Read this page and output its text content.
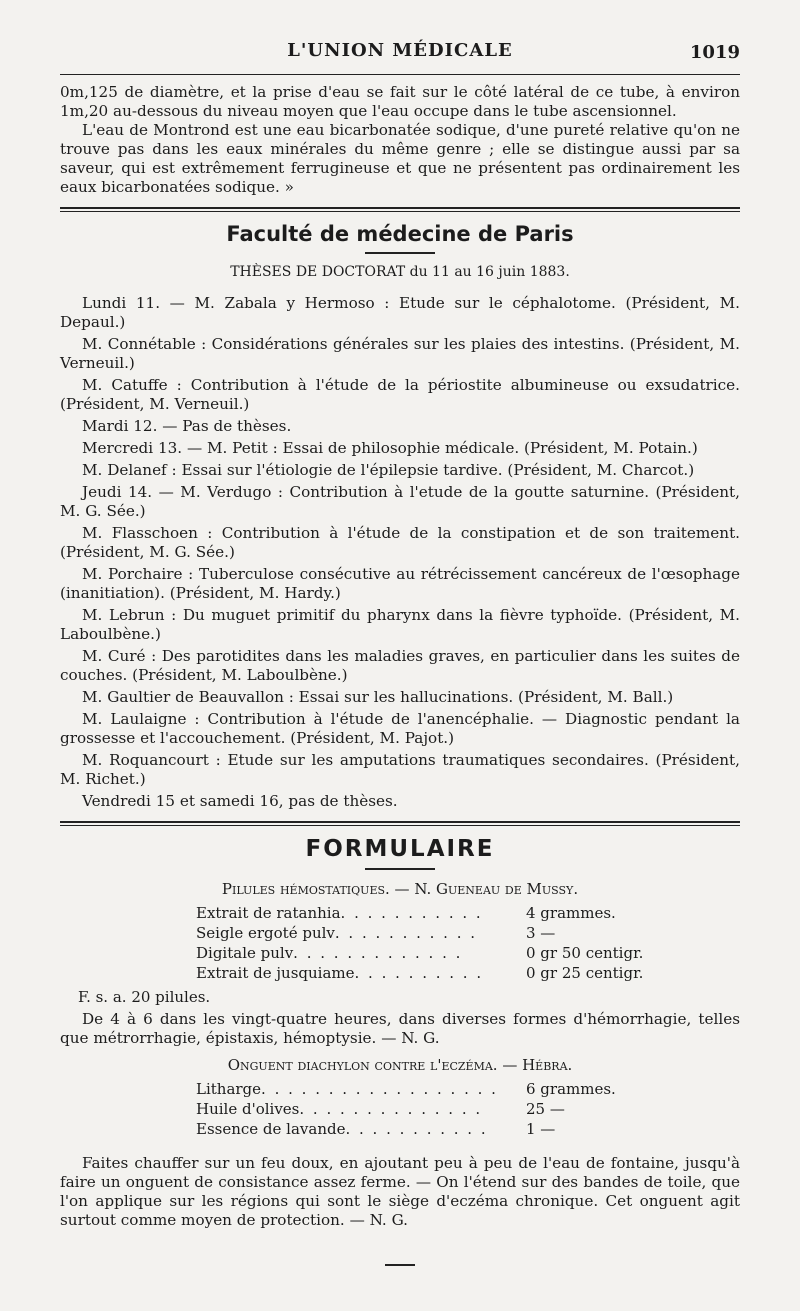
L'UNION MÉDICALE	1019

0m,125 de diamètre, et la prise d'eau se fait sur le côté latéral de ce tube, à environ 1m,20 au-dessous du niveau moyen que l'eau occupe dans le tube ascensionnel.

L'eau de Montrond est une eau bicarbonatée sodique, d'une pureté relative qu'on ne trouve pas dans les eaux minérales du même genre ; elle se distingue aussi par sa saveur, qui est extrêmement ferrugineuse et que ne présentent pas ordinairement les eaux bicarbonatées sodique. »

Faculté de médecine de Paris
THÈSES DE DOCTORAT du 11 au 16 juin 1883.

Lundi 11. — M. Zabala y Hermoso : Etude sur le céphalotome. (Président, M. Depaul.)

M. Connétable : Considérations générales sur les plaies des intestins. (Président, M. Verneuil.)

M. Catuffe : Contribution à l'étude de la périostite albumineuse ou exsudatrice. (Président, M. Verneuil.)

Mardi 12. — Pas de thèses.

Mercredi 13. — M. Petit : Essai de philosophie médicale. (Président, M. Potain.)

M. Delanef : Essai sur l'étiologie de l'épilepsie tardive. (Président, M. Charcot.)

Jeudi 14. — M. Verdugo : Contribution à l'etude de la goutte saturnine. (Président, M. G. Sée.)

M. Flasschoen : Contribution à l'étude de la constipation et de son traitement. (Président, M. G. Sée.)

M. Porchaire : Tuberculose consécutive au rétrécissement cancéreux de l'œsophage (inanitiation). (Président, M. Hardy.)

M. Lebrun : Du muguet primitif du pharynx dans la fièvre typhoïde. (Président, M. Laboulbène.)

M. Curé : Des parotidites dans les maladies graves, en particulier dans les suites de couches. (Président, M. Laboulbène.)

M. Gaultier de Beauvallon : Essai sur les hallucinations. (Président, M. Ball.)

M. Laulaigne : Contribution à l'étude de l'anencéphalie. — Diagnostic pendant la grossesse et l'accouchement. (Président, M. Pajot.)

M. Roquancourt : Etude sur les amputations traumatiques secondaires. (Président, M. Richet.)

Vendredi 15 et samedi 16, pas de thèses.

FORMULAIRE
Pilules hémostatiques. — N. Gueneau de Mussy.
Extrait de ratanhia. . . . . . . . . . .	4 grammes.
Seigle ergoté pulv. . . . . . . . . . .	3 —
Digitale pulv. . . . . . . . . . . . .	0 gr 50 centigr.
Extrait de jusquiame. . . . . . . . . .	0 gr 25 centigr.
F. s. a. 20 pilules.

De 4 à 6 dans les vingt-quatre heures, dans diverses formes d'hémorrhagie, telles que métrorrhagie, épistaxis, hémoptysie. — N. G.

Onguent diachylon contre l'eczéma. — Hébra.
Litharge. . . . . . . . . . . . . . . . . .	6 grammes.
Huile d'olives. . . . . . . . . . . . . .	25 —
Essence de lavande. . . . . . . . . . .	1 —

Faites chauffer sur un feu doux, en ajoutant peu à peu de l'eau de fontaine, jusqu'à faire un onguent de consistance assez ferme. — On l'étend sur des bandes de toile, que l'on applique sur les régions qui sont le siège d'eczéma chronique. Cet onguent agit surtout comme moyen de protection. — N. G.
